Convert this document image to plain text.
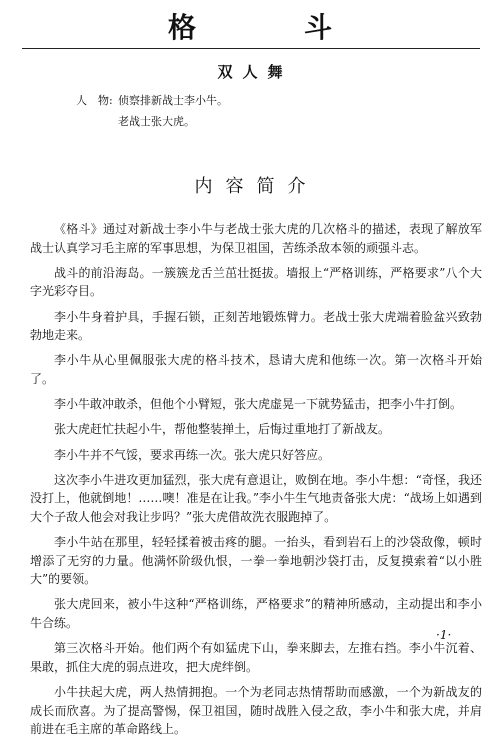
格　斗
双人舞
人　物: 侦察排新战士李小牛。
老战士张大虎。
内容简介

《格斗》通过对新战士李小牛与老战士张大虎的几次格斗的描述，表现了解放军战士认真学习毛主席的军事思想，为保卫祖国，苦练杀敌本领的顽强斗志。

战斗的前沿海岛。一簇簇龙舌兰茁壮挺拔。墙报上“严格训练，严格要求”八个大字光彩夺目。

李小牛身着护具，手握石锁，正刻苦地锻炼臂力。老战士张大虎端着脸盆兴致勃勃地走来。

李小牛从心里佩服张大虎的格斗技术，恳请大虎和他练一次。第一次格斗开始了。

李小牛敢冲敢杀，但他个小臂短，张大虎虚晃一下就势猛击，把李小牛打倒。

张大虎赶忙扶起小牛，帮他整装掸土，后悔过重地打了新战友。

李小牛并不气馁，要求再练一次。张大虎只好答应。

这次李小牛进攻更加猛烈，张大虎有意退让，败倒在地。李小牛想：“奇怪，我还没打上，他就倒地！……噢！准是在让我。”李小牛生气地责备张大虎：“战场上如遇到大个子敌人他会对我让步吗？”张大虎借故洗衣服跑掉了。

李小牛站在那里，轻轻揉着被击疼的腿。一抬头，看到岩石上的沙袋敌像，顿时增添了无穷的力量。他满怀阶级仇恨，一拳一拳地朝沙袋打击，反复摸索着“以小胜大”的要领。

张大虎回来，被小牛这种“严格训练，严格要求”的精神所感动，主动提出和李小牛合练。

第三次格斗开始。他们两个有如猛虎下山，拳来脚去，左推右挡。李小牛沉着、果敢，抓住大虎的弱点进攻，把大虎绊倒。

小牛扶起大虎，两人热情拥抱。一个为老同志热情帮助而感激，一个为新战友的成长而欣喜。为了提高警惕，保卫祖国，随时战胜入侵之敌，李小牛和张大虎，并肩前进在毛主席的革命路线上。

·1·
